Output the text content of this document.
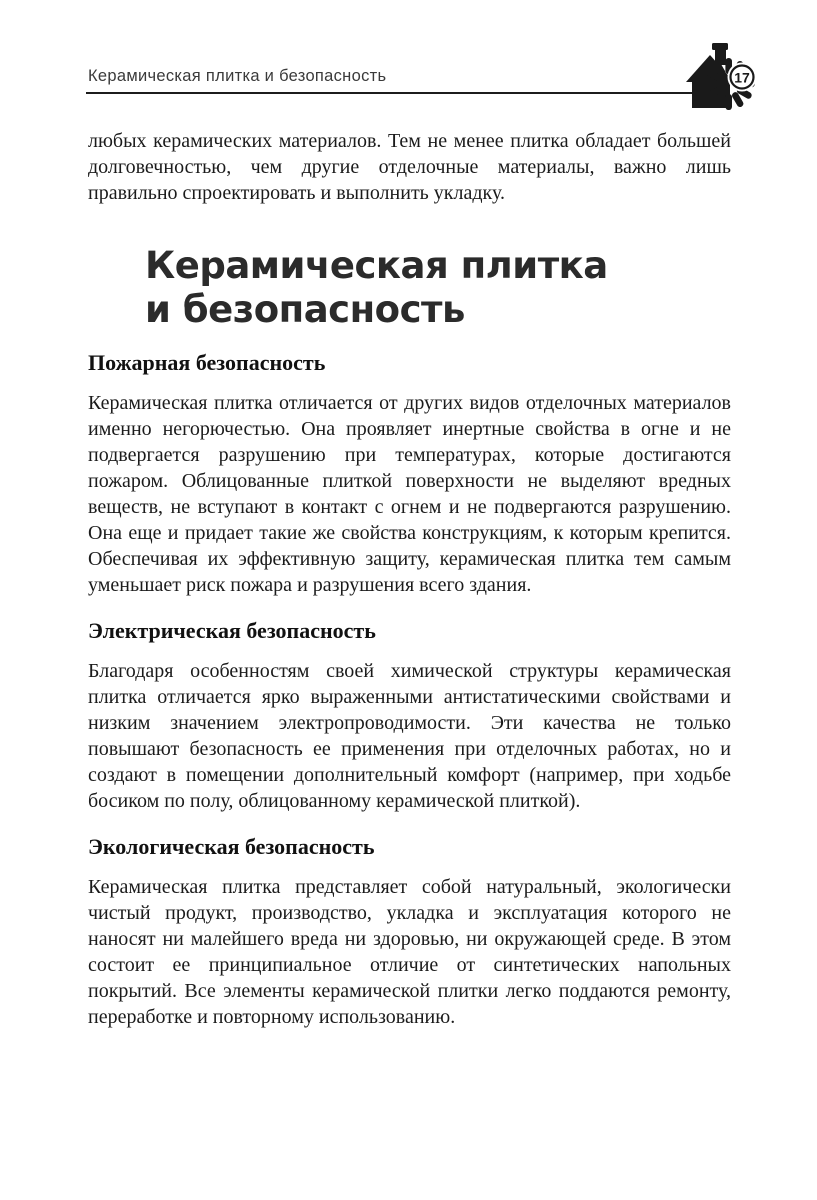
Керамическая плитка и безопасность	17

любых керамических материалов. Тем не менее плитка обладает большей долговечностью, чем другие отделочные материалы, важно лишь правильно спроектировать и выполнить укладку.

Керамическая плитка
и безопасность
Пожарная безопасность

Керамическая плитка отличается от других видов отделочных материалов именно негорючестью. Она проявляет инертные свойства в огне и не подвергается разрушению при температурах, которые достигаются пожаром. Облицованные плиткой поверхности не выделяют вредных веществ, не вступают в контакт с огнем и не подвергаются разрушению. Она еще и придает такие же свойства конструкциям, к которым крепится. Обеспечивая их эффективную защиту, керамическая плитка тем самым уменьшает риск пожара и разрушения всего здания.

Электрическая безопасность

Благодаря особенностям своей химической структуры керамическая плитка отличается ярко выраженными антистатическими свойствами и низким значением электропроводимости. Эти качества не только повышают безопасность ее применения при отделочных работах, но и создают в помещении дополнительный комфорт (например, при ходьбе босиком по полу, облицованному керамической плиткой).

Экологическая безопасность

Керамическая плитка представляет собой натуральный, экологически чистый продукт, производство, укладка и эксплуатация которого не наносят ни малейшего вреда ни здоровью, ни окружающей среде. В этом состоит ее принципиальное отличие от синтетических напольных покрытий. Все элементы керамической плитки легко поддаются ремонту, переработке и повторному использованию.
